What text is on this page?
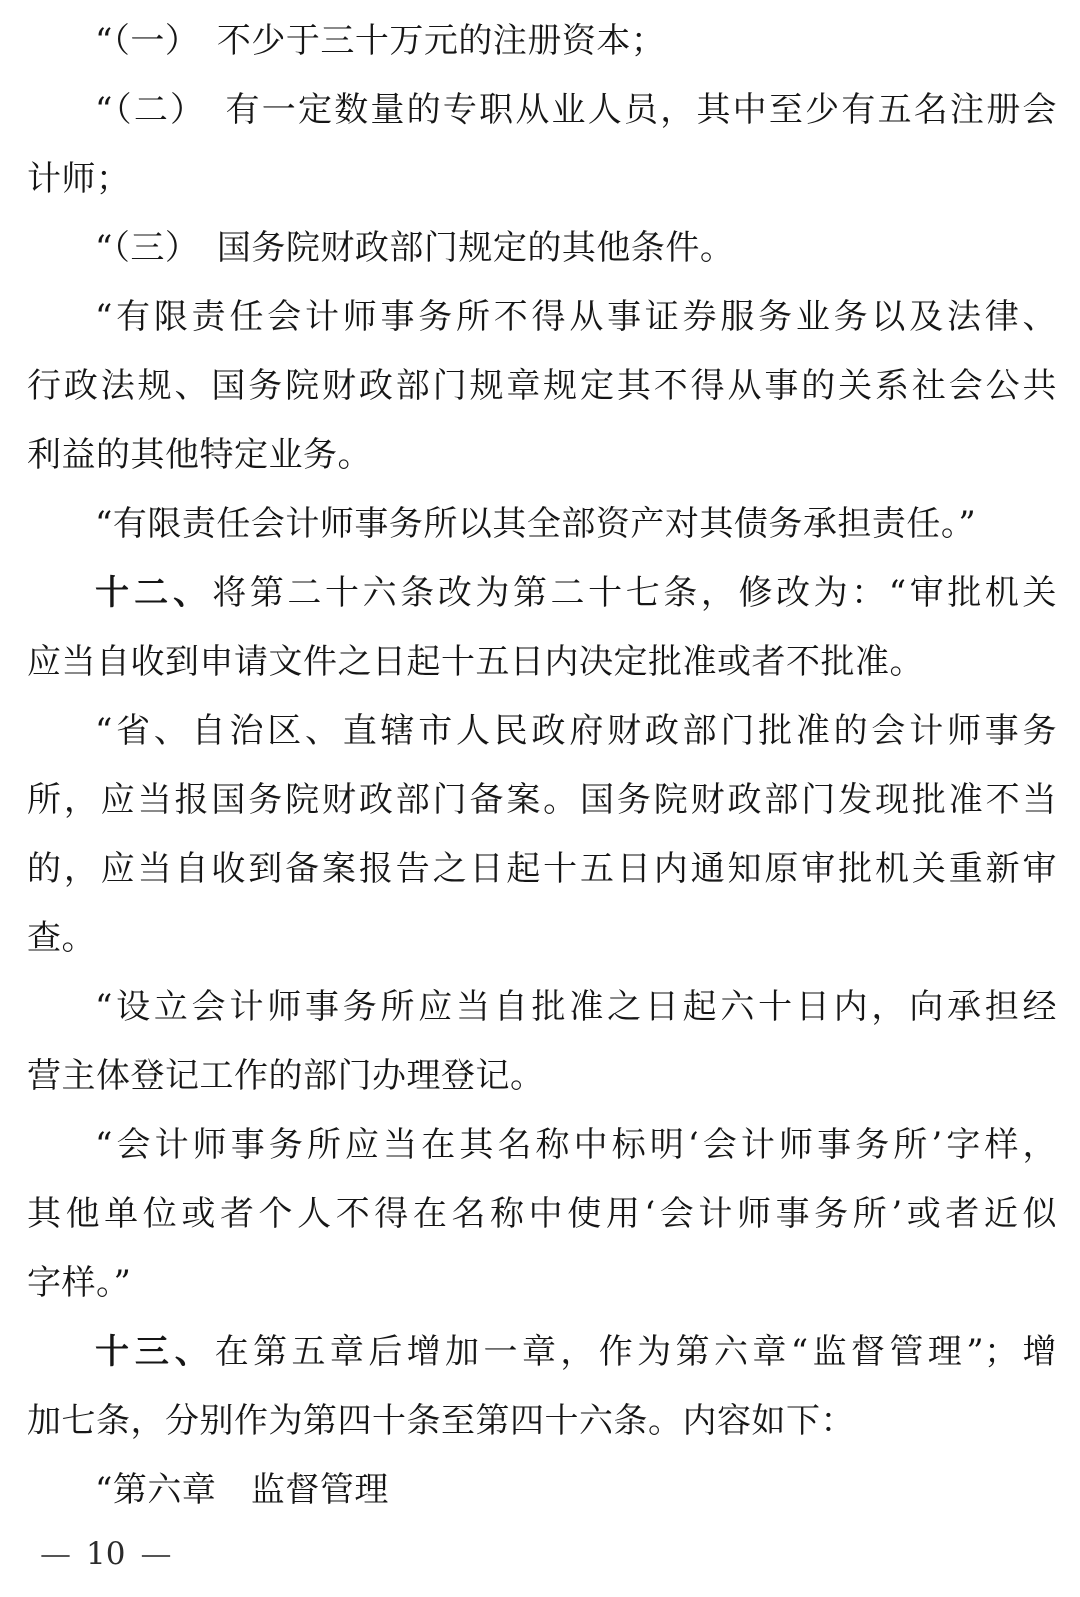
“（一）　不少于三十万元的注册资本；
“（二）　有一定数量的专职从业人员，其中至少有五名注册会
计师；
“（三）　国务院财政部门规定的其他条件。
“有限责任会计师事务所不得从事证券服务业务以及法律、
行政法规、国务院财政部门规章规定其不得从事的关系社会公共
利益的其他特定业务。
“有限责任会计师事务所以其全部资产对其债务承担责任。”
十二、将第二十六条改为第二十七条，修改为：“审批机关
应当自收到申请文件之日起十五日内决定批准或者不批准。
“省、自治区、直辖市人民政府财政部门批准的会计师事务
所，应当报国务院财政部门备案。国务院财政部门发现批准不当
的，应当自收到备案报告之日起十五日内通知原审批机关重新审
查。
“设立会计师事务所应当自批准之日起六十日内，向承担经
营主体登记工作的部门办理登记。
“会计师事务所应当在其名称中标明‘会计师事务所’字样，
其他单位或者个人不得在名称中使用‘会计师事务所’或者近似
字样。”
十三、在第五章后增加一章，作为第六章“监督管理”；增
加七条，分别作为第四十条至第四十六条。内容如下：
“第六章　监督管理
— 10 —
